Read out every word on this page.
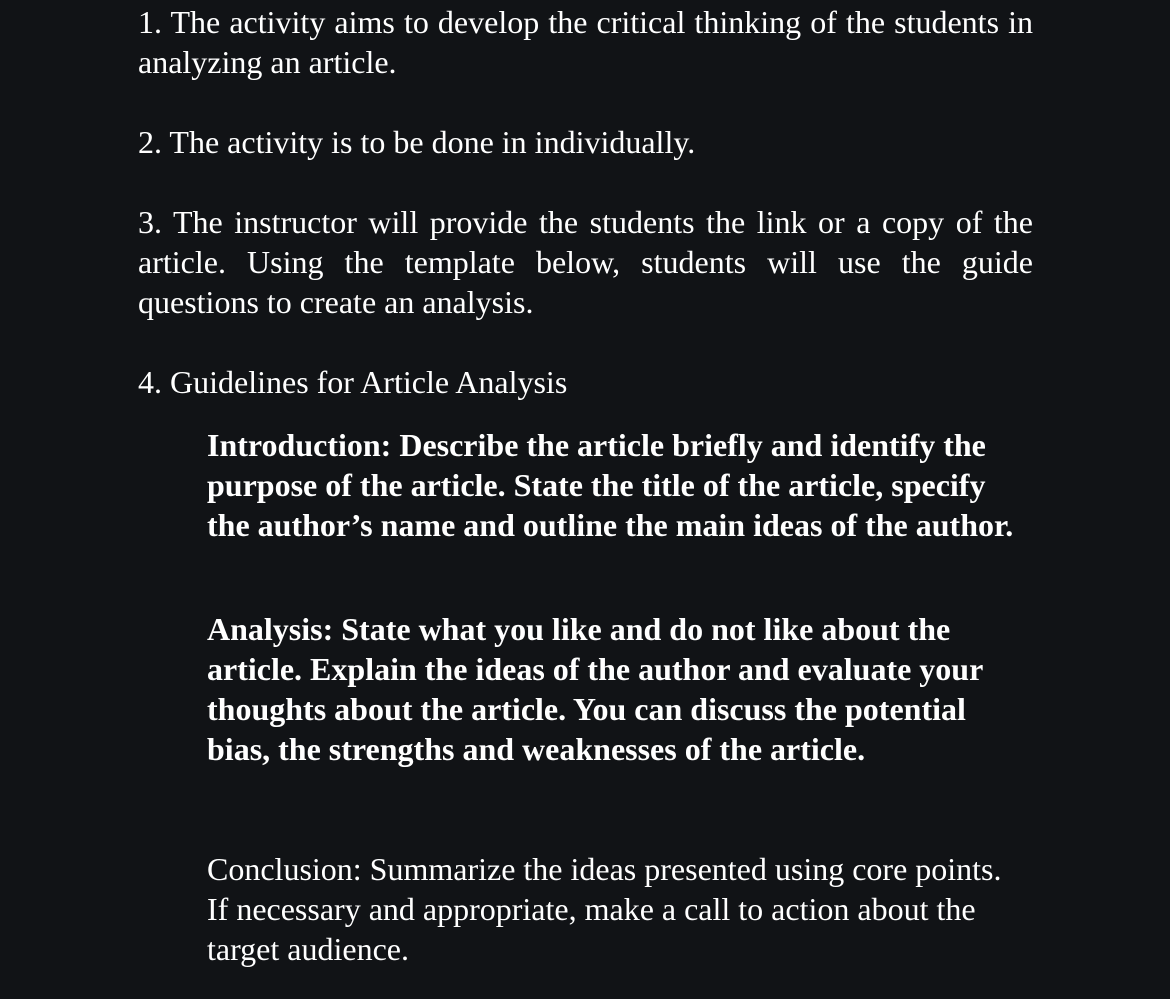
1. The activity aims to develop the critical thinking of the students in analyzing an article.

2. The activity is to be done in individually.

3. The instructor will provide the students the link or a copy of the article. Using the template below, students will use the guide questions to create an analysis.

4. Guidelines for Article Analysis

Introduction: Describe the article briefly and identify the purpose of the article. State the title of the article, specify the author’s name and outline the main ideas of the author.

Analysis: State what you like and do not like about the article. Explain the ideas of the author and evaluate your thoughts about the article. You can discuss the potential bias, the strengths and weaknesses of the article.

Conclusion: Summarize the ideas presented using core points. If necessary and appropriate, make a call to action about the target audience.
